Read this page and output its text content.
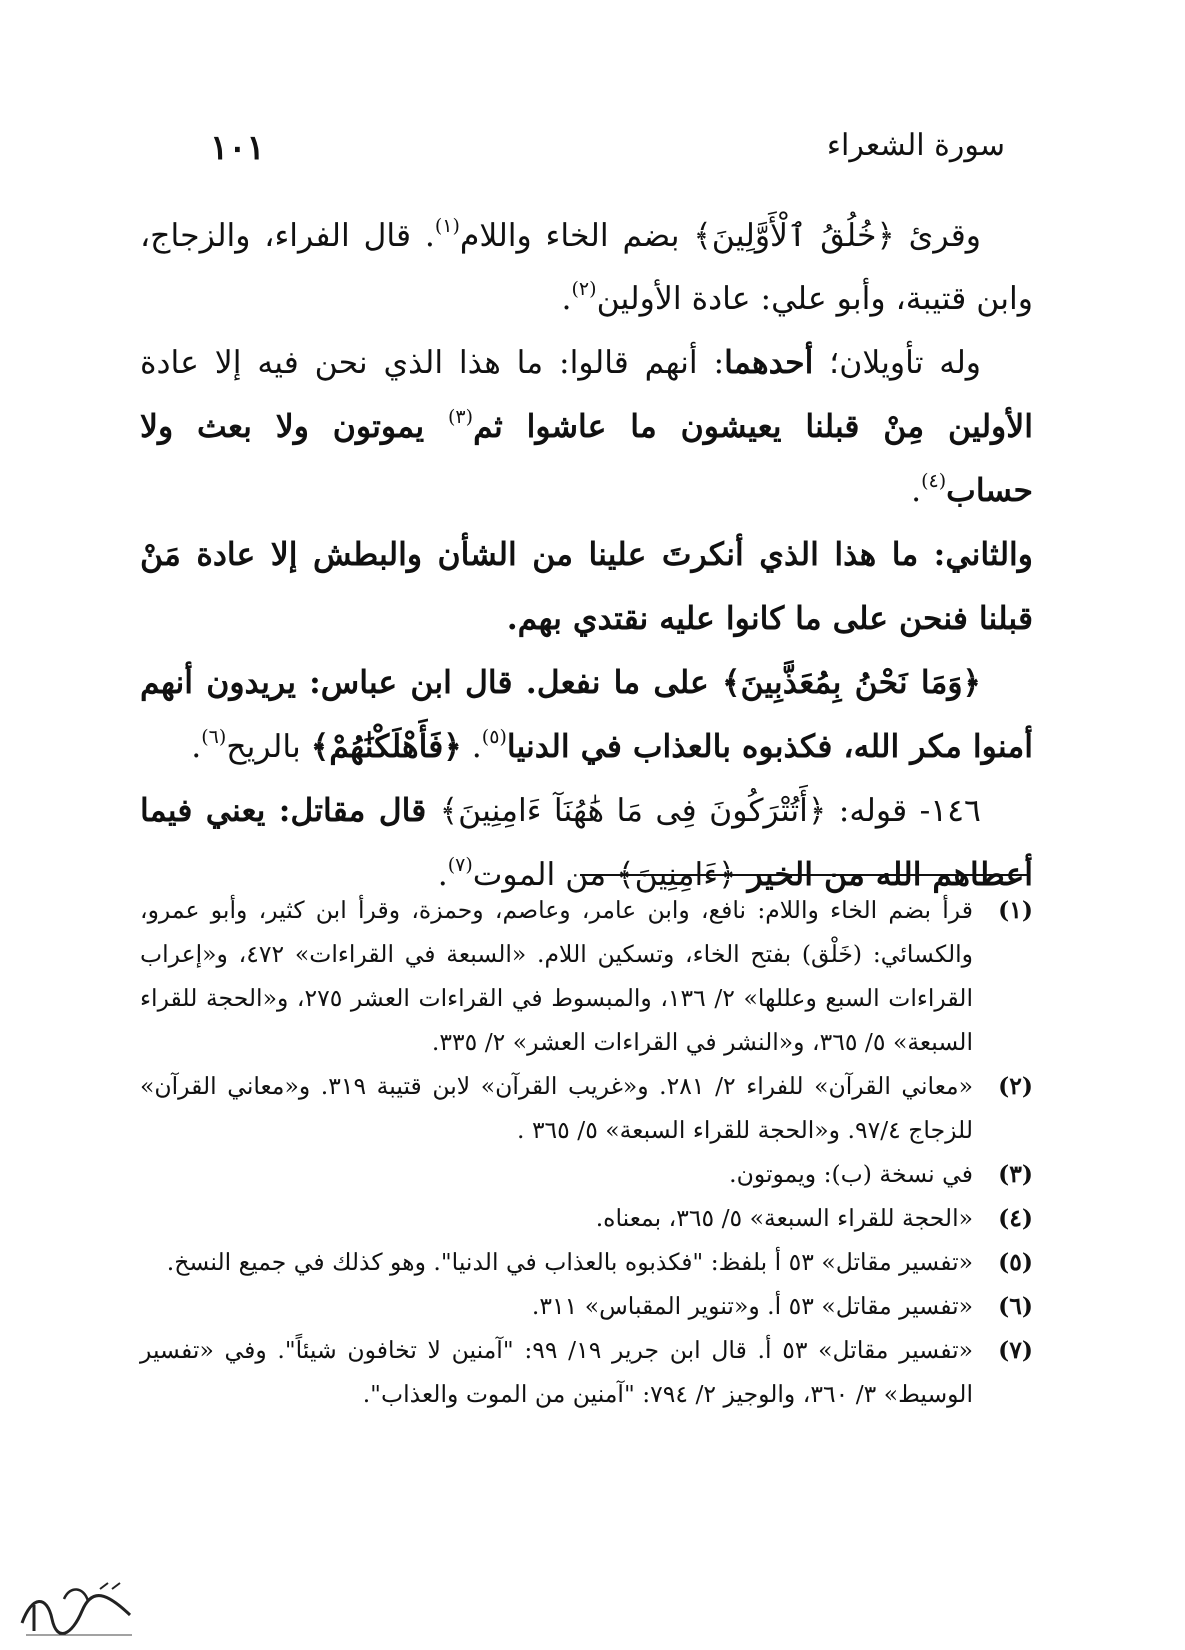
سورة الشعراء
١٠١

وقرئ ﴿خُلُقُ ٱلْأَوَّلِينَ﴾ بضم الخاء واللام$^{(١)}$. قال الفراء، والزجاج، وابن قتيبة، وأبو علي: عادة الأولين$^{(٢)}$.

وله تأويلان؛ أحدهما: أنهم قالوا: ما هذا الذي نحن فيه إلا عادة الأولين مِنْ قبلنا يعيشون ما عاشوا ثم$^{(٣)}$ يموتون ولا بعث ولا حساب$^{(٤)}$.

والثاني: ما هذا الذي أنكرتَ علينا من الشأن والبطش إلا عادة مَنْ قبلنا فنحن على ما كانوا عليه نقتدي بهم.

﴿وَمَا نَحْنُ بِمُعَذَّبِينَ﴾ على ما نفعل. قال ابن عباس: يريدون أنهم أمنوا مكر الله، فكذبوه بالعذاب في الدنيا$^{(٥)}$. ﴿فَأَهْلَكْنَٰهُمْ﴾ بالريح$^{(٦)}$.

١٤٦- قوله: ﴿أَتُتْرَكُونَ فِى مَا هَٰهُنَآ ءَامِنِينَ﴾ قال مقاتل: يعني فيما أعطاهم الله من الخير ﴿ءَامِنِينَ﴾ من الموت$^{(٧)}$.

(١)
قرأ بضم الخاء واللام: نافع، وابن عامر، وعاصم، وحمزة، وقرأ ابن كثير، وأبو عمرو، والكسائي: (خَلْق) بفتح الخاء، وتسكين اللام. «السبعة في القراءات» ٤٧٢، و«إعراب القراءات السبع وعللها» ٢/ ١٣٦، والمبسوط في القراءات العشر ٢٧٥، و«الحجة للقراء السبعة» ٥/ ٣٦٥، و«النشر في القراءات العشر» ٢/ ٣٣٥.
(٢)
«معاني القرآن» للفراء ٢/ ٢٨١. و«غريب القرآن» لابن قتيبة ٣١٩. و«معاني القرآن» للزجاج ٩٧/٤. و«الحجة للقراء السبعة» ٥/ ٣٦٥ .
(٣)
في نسخة (ب): ويموتون.
(٤)
«الحجة للقراء السبعة» ٥/ ٣٦٥، بمعناه.
(٥)
«تفسير مقاتل» ٥٣ أ بلفظ: "فكذبوه بالعذاب في الدنيا". وهو كذلك في جميع النسخ.
(٦)
«تفسير مقاتل» ٥٣ أ. و«تنوير المقباس» ٣١١.
(٧)
«تفسير مقاتل» ٥٣ أ. قال ابن جرير ١٩/ ٩٩: "آمنين لا تخافون شيئاً". وفي «تفسير الوسيط» ٣/ ٣٦٠، والوجيز ٢/ ٧٩٤: "آمنين من الموت والعذاب".
